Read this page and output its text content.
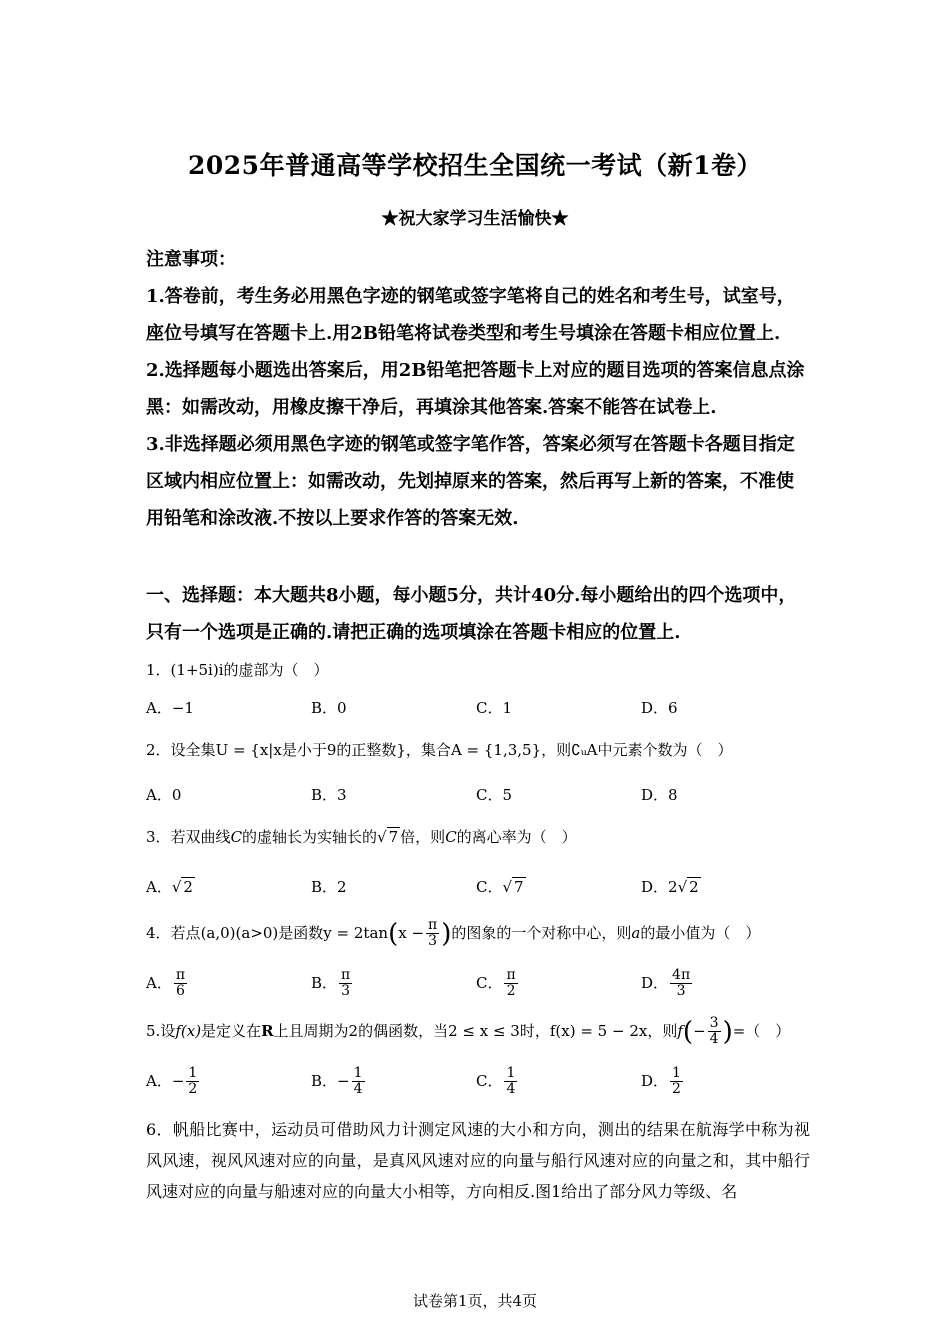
2025年普通高等学校招生全国统一考试（新1卷）
★祝大家学习生活愉快★
注意事项：

1.答卷前，考生务必用黑色字迹的钢笔或签字笔将自己的姓名和考生号，试室号，座位号填写在答题卡上.用2B铅笔将试卷类型和考生号填涂在答题卡相应位置上.

2.选择题每小题选出答案后，用2B铅笔把答题卡上对应的题目选项的答案信息点涂黑：如需改动，用橡皮擦干净后，再填涂其他答案.答案不能答在试卷上.

3.非选择题必须用黑色字迹的钢笔或签字笔作答，答案必须写在答题卡各题目指定区域内相应位置上：如需改动，先划掉原来的答案，然后再写上新的答案，不准使用铅笔和涂改液.不按以上要求作答的答案无效.

一、选择题：本大题共8小题，每小题5分，共计40分.每小题给出的四个选项中，只有一个选项是正确的.请把正确的选项填涂在答题卡相应的位置上.
1．(1+5i)i的虚部为（　）
A．−1	B．0	C．1	D．6
2．设全集U = {x|x是小于9的正整数}，集合A = {1,3,5}，则∁ᵤA中元素个数为（　）
A．0	B．3	C．5	D．8
3．若双曲线C的虚轴长为实轴长的√ 7 倍，则C的离心率为（　）
A．√ 2	B．2	C．√ 7	D．2√ 2
4．若点(a,0)(a>0)是函数$y = 2\tan(x - \frac{\pi}{3}$ )的图象的一个对称中心，则a的最小值为（　）
A． $\frac{\pi}{6}$	B． $\frac{\pi}{3}$	C． $\frac{\pi}{2}$	D． $\frac{4\pi}{3}$
5.设f(x)是定义在R上且周期为2的偶函数，当2 ≤ x ≤ 3时，f(x) = 5 − 2x，则$f(- \frac{3}{4}$ )=（　）
A．− $\frac{1}{2}$	B．− $\frac{1}{4}$	C． $\frac{1}{4}$	D． $\frac{1}{2}$

6．帆船比赛中，运动员可借助风力计测定风速的大小和方向，测出的结果在航海学中称为视风风速，视风风速对应的向量，是真风风速对应的向量与船行风速对应的向量之和，其中船行风速对应的向量与船速对应的向量大小相等，方向相反.图1给出了部分风力等级、名

试卷第1页，共4页
